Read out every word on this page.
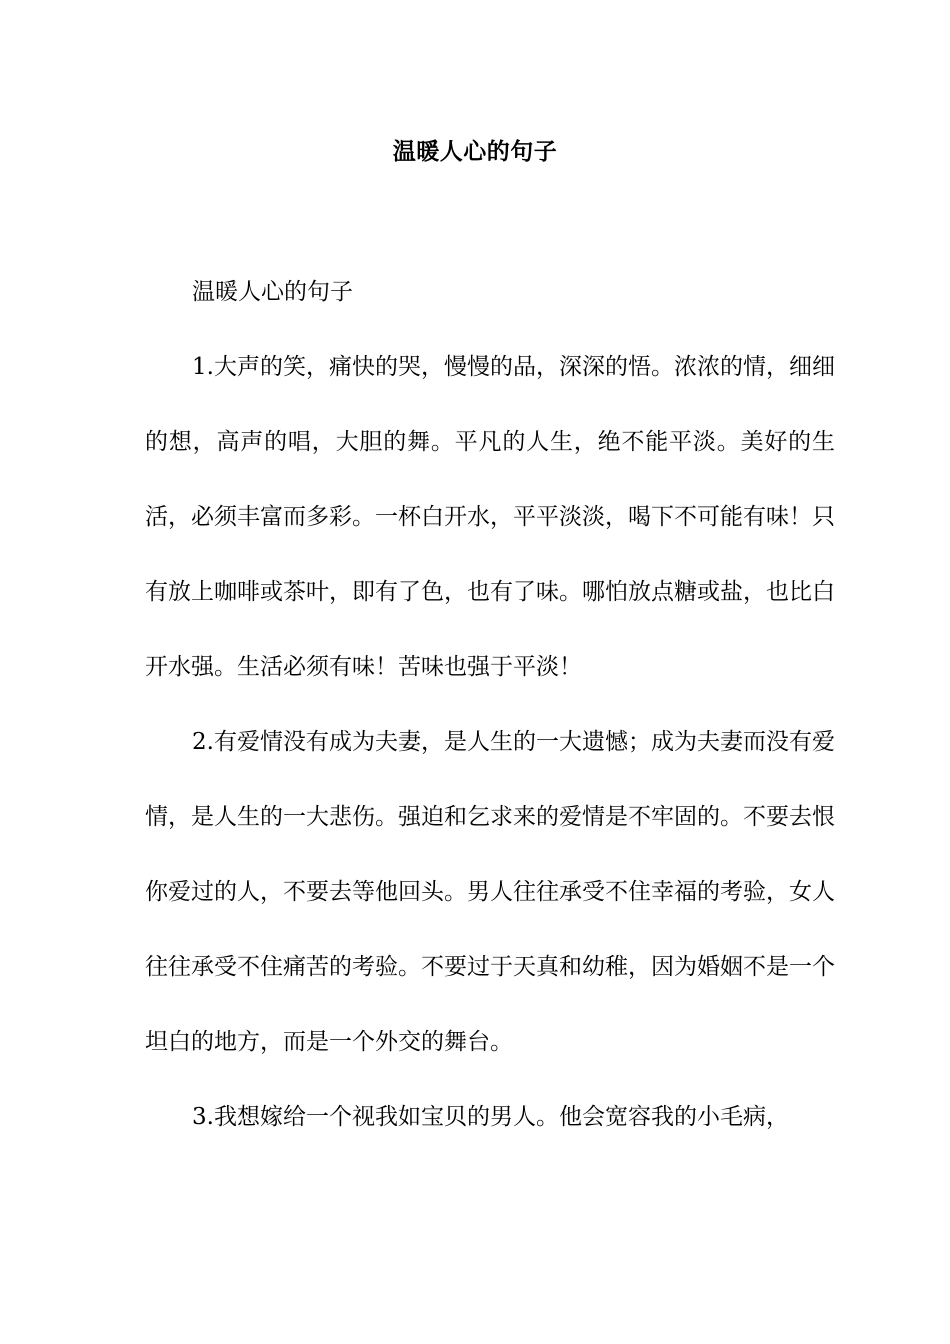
温暖人心的句子

温暖人心的句子

1.大声的笑，痛快的哭，慢慢的品，深深的悟。浓浓的情，细细的想，高声的唱，大胆的舞。平凡的人生，绝不能平淡。美好的生活，必须丰富而多彩。一杯白开水，平平淡淡，喝下不可能有味！只有放上咖啡或茶叶，即有了色，也有了味。哪怕放点糖或盐，也比白开水强。生活必须有味！苦味也强于平淡！

2.有爱情没有成为夫妻，是人生的一大遗憾；成为夫妻而没有爱情，是人生的一大悲伤。强迫和乞求来的爱情是不牢固的。不要去恨你爱过的人，不要去等他回头。男人往往承受不住幸福的考验，女人往往承受不住痛苦的考验。不要过于天真和幼稚，因为婚姻不是一个坦白的地方，而是一个外交的舞台。

3.我想嫁给一个视我如宝贝的男人。他会宽容我的小毛病，
